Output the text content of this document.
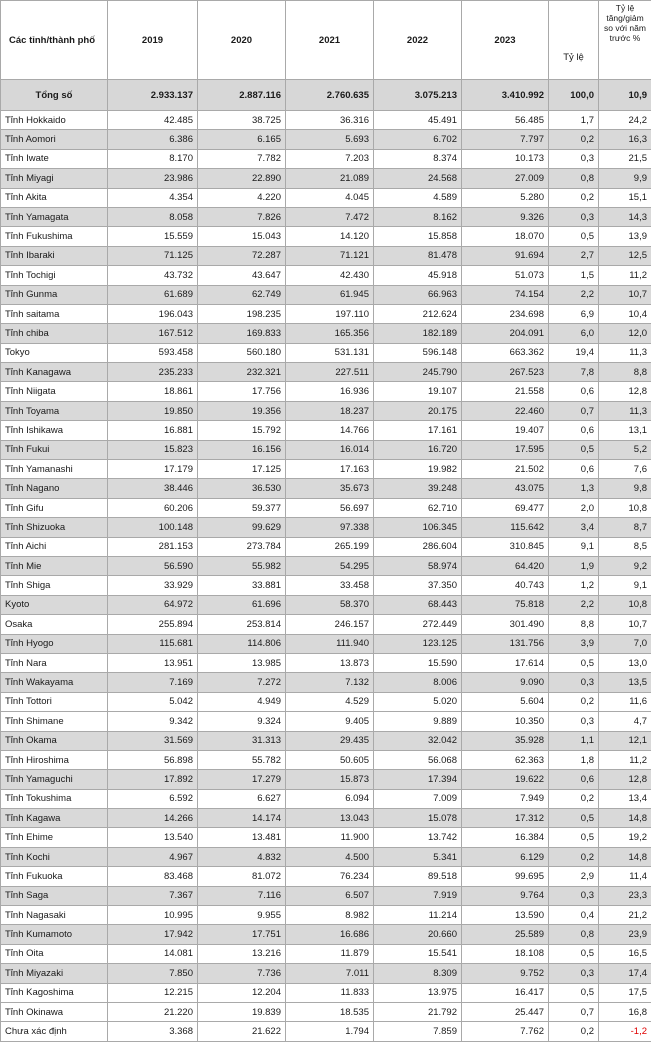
Các tỉnh/thành phố	2019	2020	2021	2022	2023	Tỷ lệ	Tỷ lệ tăng/giảm so với năm trước %
Tổng số	2.933.137	2.887.116	2.760.635	3.075.213	3.410.992	100,0	10,9
Tỉnh Hokkaido	42.485	38.725	36.316	45.491	56.485	1,7	24,2
Tỉnh Aomori	6.386	6.165	5.693	6.702	7.797	0,2	16,3
Tỉnh Iwate	8.170	7.782	7.203	8.374	10.173	0,3	21,5
Tỉnh Miyagi	23.986	22.890	21.089	24.568	27.009	0,8	9,9
Tỉnh Akita	4.354	4.220	4.045	4.589	5.280	0,2	15,1
Tỉnh Yamagata	8.058	7.826	7.472	8.162	9.326	0,3	14,3
Tỉnh Fukushima	15.559	15.043	14.120	15.858	18.070	0,5	13,9
Tỉnh Ibaraki	71.125	72.287	71.121	81.478	91.694	2,7	12,5
Tỉnh Tochigi	43.732	43.647	42.430	45.918	51.073	1,5	11,2
Tỉnh Gunma	61.689	62.749	61.945	66.963	74.154	2,2	10,7
Tỉnh saitama	196.043	198.235	197.110	212.624	234.698	6,9	10,4
Tỉnh chiba	167.512	169.833	165.356	182.189	204.091	6,0	12,0
Tokyo	593.458	560.180	531.131	596.148	663.362	19,4	11,3
Tỉnh Kanagawa	235.233	232.321	227.511	245.790	267.523	7,8	8,8
Tỉnh Niigata	18.861	17.756	16.936	19.107	21.558	0,6	12,8
Tỉnh Toyama	19.850	19.356	18.237	20.175	22.460	0,7	11,3
Tỉnh Ishikawa	16.881	15.792	14.766	17.161	19.407	0,6	13,1
Tỉnh Fukui	15.823	16.156	16.014	16.720	17.595	0,5	5,2
Tỉnh Yamanashi	17.179	17.125	17.163	19.982	21.502	0,6	7,6
Tỉnh Nagano	38.446	36.530	35.673	39.248	43.075	1,3	9,8
Tỉnh Gifu	60.206	59.377	56.697	62.710	69.477	2,0	10,8
Tỉnh Shizuoka	100.148	99.629	97.338	106.345	115.642	3,4	8,7
Tỉnh Aichi	281.153	273.784	265.199	286.604	310.845	9,1	8,5
Tỉnh Mie	56.590	55.982	54.295	58.974	64.420	1,9	9,2
Tỉnh Shiga	33.929	33.881	33.458	37.350	40.743	1,2	9,1
Kyoto	64.972	61.696	58.370	68.443	75.818	2,2	10,8
Osaka	255.894	253.814	246.157	272.449	301.490	8,8	10,7
Tỉnh Hyogo	115.681	114.806	111.940	123.125	131.756	3,9	7,0
Tỉnh Nara	13.951	13.985	13.873	15.590	17.614	0,5	13,0
Tỉnh Wakayama	7.169	7.272	7.132	8.006	9.090	0,3	13,5
Tỉnh Tottori	5.042	4.949	4.529	5.020	5.604	0,2	11,6
Tỉnh Shimane	9.342	9.324	9.405	9.889	10.350	0,3	4,7
Tỉnh Okama	31.569	31.313	29.435	32.042	35.928	1,1	12,1
Tỉnh Hiroshima	56.898	55.782	50.605	56.068	62.363	1,8	11,2
Tỉnh Yamaguchi	17.892	17.279	15.873	17.394	19.622	0,6	12,8
Tỉnh Tokushima	6.592	6.627	6.094	7.009	7.949	0,2	13,4
Tỉnh Kagawa	14.266	14.174	13.043	15.078	17.312	0,5	14,8
Tỉnh Ehime	13.540	13.481	11.900	13.742	16.384	0,5	19,2
Tỉnh Kochi	4.967	4.832	4.500	5.341	6.129	0,2	14,8
Tỉnh Fukuoka	83.468	81.072	76.234	89.518	99.695	2,9	11,4
Tỉnh Saga	7.367	7.116	6.507	7.919	9.764	0,3	23,3
Tỉnh Nagasaki	10.995	9.955	8.982	11.214	13.590	0,4	21,2
Tỉnh Kumamoto	17.942	17.751	16.686	20.660	25.589	0,8	23,9
Tỉnh Oita	14.081	13.216	11.879	15.541	18.108	0,5	16,5
Tỉnh Miyazaki	7.850	7.736	7.011	8.309	9.752	0,3	17,4
Tỉnh Kagoshima	12.215	12.204	11.833	13.975	16.417	0,5	17,5
Tỉnh Okinawa	21.220	19.839	18.535	21.792	25.447	0,7	16,8
Chưa xác định	3.368	21.622	1.794	7.859	7.762	0,2	-1,2
